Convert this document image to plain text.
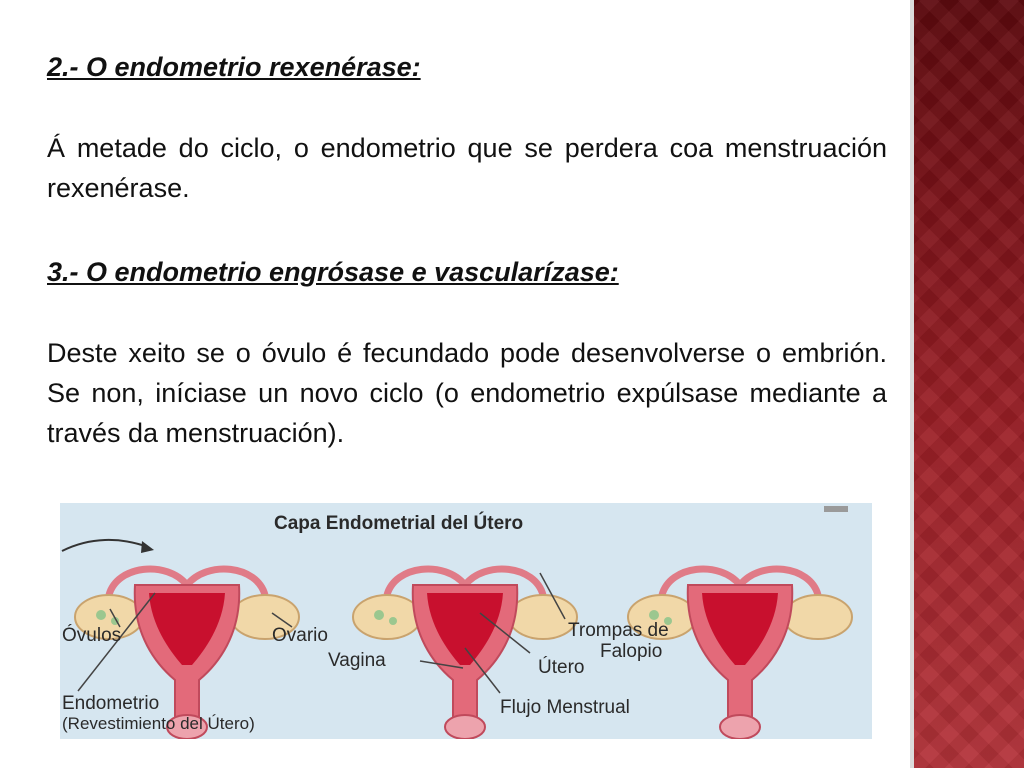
2.- O endometrio rexenérase:

Á metade do ciclo, o endometrio que se perdera coa menstruación rexenérase.

3.- O endometrio engrósase e vascularízase:

Deste xeito se o óvulo é fecundado pode desenvolverse o embrión. Se non, iníciase un novo ciclo (o endometrio expúlsase mediante a través da menstruación).

Capa Endometrial del Útero
Óvulos	Ovario
Vagina	Útero
Trompas de
Falopio
Flujo Menstrual
Endometrio
(Revestimiento del Útero)
